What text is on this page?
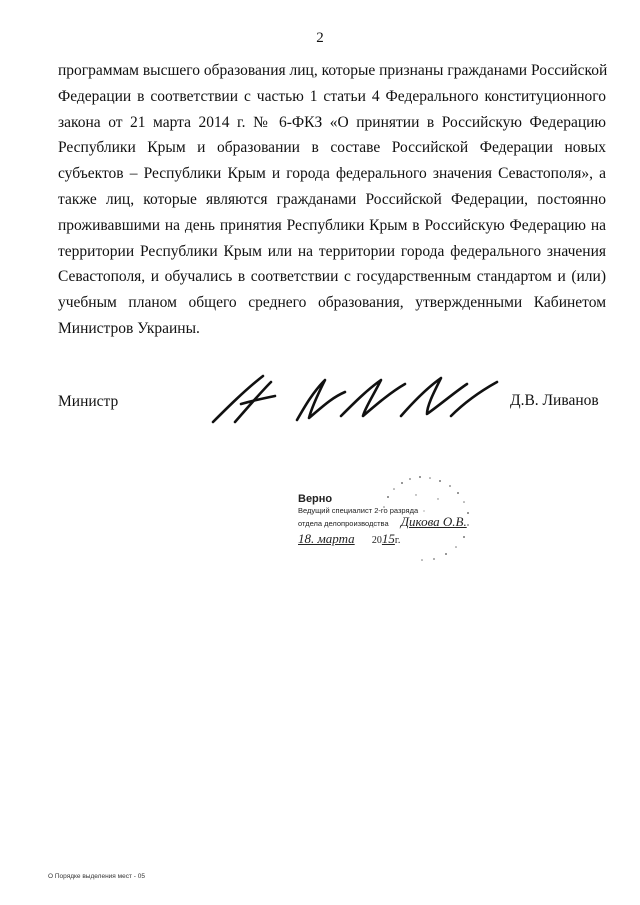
2
программам высшего образования лиц, которые признаны гражданами Российской
Федерации в соответствии с частью 1 статьи 4 Федерального конституционного
закона от 21 марта 2014 г. № 6-ФКЗ «О принятии в Российскую Федерацию
Республики Крым и образовании в составе Российской Федерации новых
субъектов – Республики Крым и города федерального значения Севастополя», а
также лиц, которые являются гражданами Российской Федерации, постоянно
проживавшими на день принятия Республики Крым в Российскую Федерацию на
территории Республики Крым или на территории города федерального значения
Севастополя, и обучались в соответствии с государственным стандартом и (или)
учебным планом общего среднего образования, утвержденными Кабинетом
Министров Украины.
Министр	Д.В. Ливанов
Верно
Ведущий специалист 2-го разряда
отдела делопроизводства Дикова О.В.
18. марта 2015г.
О Порядке выделения мест - 05
